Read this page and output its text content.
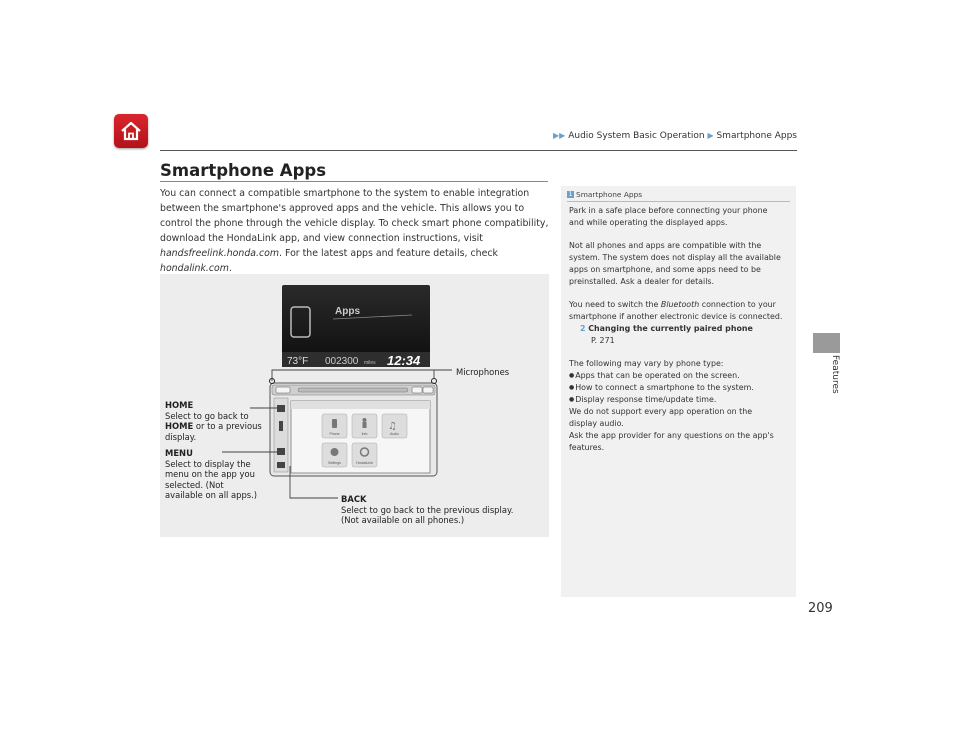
▶▶ Audio System Basic Operation ▶ Smartphone Apps
Features
209
Smartphone Apps
You can connect a compatible smartphone to the system to enable integration between the smartphone's approved apps and the vehicle. This allows you to control the phone through the vehicle display. To check smart phone compatibility, download the HondaLink app, and view connection instructions, visit handsfreelink.honda.com. For the latest apps and feature details, check hondalink.com.
Apps
73°F 002300 miles 12:34
♫
Phone	Info	Audio
Settings	HondaLink
Microphones
HOME
Select to go back to
HOME or to a previous
display.
MENU
Select to display the
menu on the app you
selected. (Not
available on all apps.)	BACK
Select to go back to the previous display.
(Not available on all phones.)
1 Smartphone Apps

Park in a safe place before connecting your phone

and while operating the displayed apps.

Not all phones and apps are compatible with the

system. The system does not display all the available

apps on smartphone, and some apps need to be

preinstalled. Ask a dealer for details.

You need to switch the Bluetooth connection to your

smartphone if another electronic device is connected.

2 Changing the currently paired phone

P. 271

The following may vary by phone type:

● Apps that can be operated on the screen.

● How to connect a smartphone to the system.

● Display response time/update time.

We do not support every app operation on the

display audio.

Ask the app provider for any questions on the app's

features.
